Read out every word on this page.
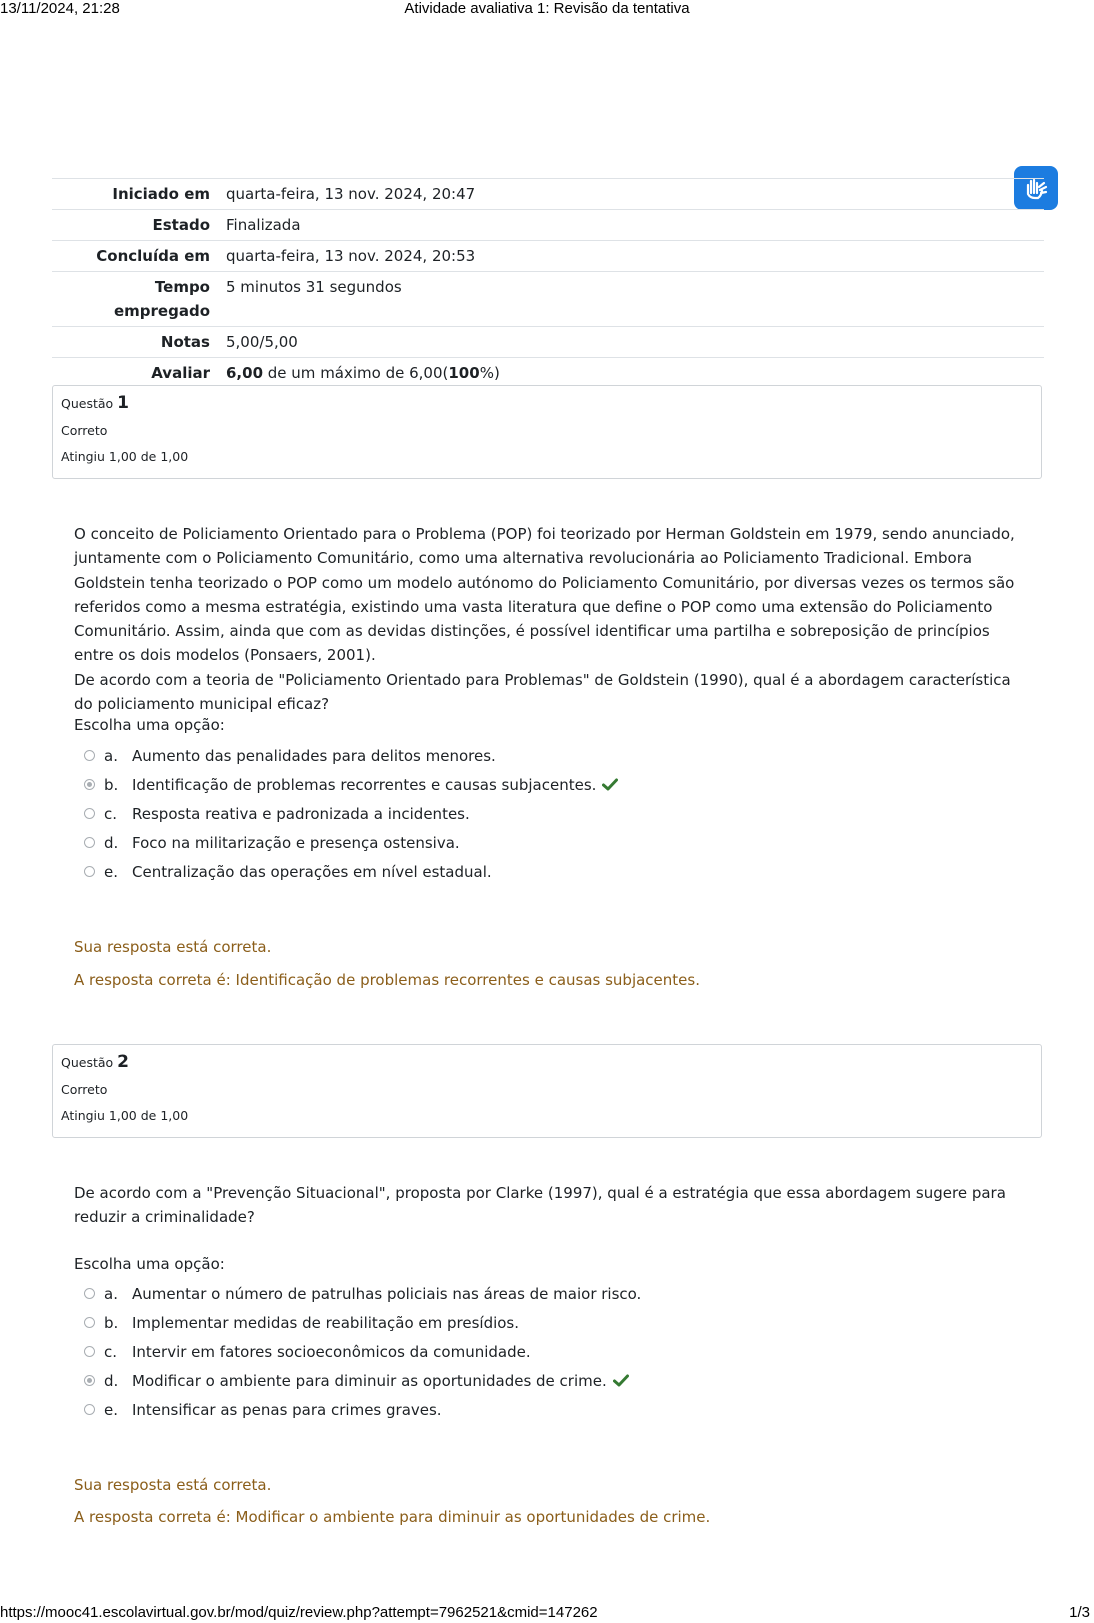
13/11/2024, 21:28	Atividade avaliativa 1: Revisão da tentativa
Iniciado em	quarta-feira, 13 nov. 2024, 20:47
Estado	Finalizada
Concluída em	quarta-feira, 13 nov. 2024, 20:53
Tempo
empregado	5 minutos 31 segundos
Notas	5,00/5,00
Avaliar	6,00 de um máximo de 6,00(100%)
Questão 1
Correto
Atingiu 1,00 de 1,00
O conceito de Policiamento Orientado para o Problema (POP) foi teorizado por Herman Goldstein em 1979, sendo anunciado, juntamente com o Policiamento Comunitário, como uma alternativa revolucionária ao Policiamento Tradicional. Embora Goldstein tenha teorizado o POP como um modelo autónomo do Policiamento Comunitário, por diversas vezes os termos são referidos como a mesma estratégia, existindo uma vasta literatura que define o POP como uma extensão do Policiamento Comunitário. Assim, ainda que com as devidas distinções, é possível identificar uma partilha e sobreposição de princípios entre os dois modelos (Ponsaers, 2001).
De acordo com a teoria de "Policiamento Orientado para Problemas" de Goldstein (1990), qual é a abordagem característica do policiamento municipal eficaz?
Escolha uma opção:
a. Aumento das penalidades para delitos menores.
b. Identificação de problemas recorrentes e causas subjacentes.
c. Resposta reativa e padronizada a incidentes.
d. Foco na militarização e presença ostensiva.
e. Centralização das operações em nível estadual.
Sua resposta está correta.
A resposta correta é: Identificação de problemas recorrentes e causas subjacentes.
Questão 2
Correto
Atingiu 1,00 de 1,00
De acordo com a "Prevenção Situacional", proposta por Clarke (1997), qual é a estratégia que essa abordagem sugere para reduzir a criminalidade?
Escolha uma opção:
a. Aumentar o número de patrulhas policiais nas áreas de maior risco.
b. Implementar medidas de reabilitação em presídios.
c. Intervir em fatores socioeconômicos da comunidade.
d. Modificar o ambiente para diminuir as oportunidades de crime.
e. Intensificar as penas para crimes graves.
Sua resposta está correta.
A resposta correta é: Modificar o ambiente para diminuir as oportunidades de crime.
https://mooc41.escolavirtual.gov.br/mod/quiz/review.php?attempt=7962521&cmid=147262	1/3
